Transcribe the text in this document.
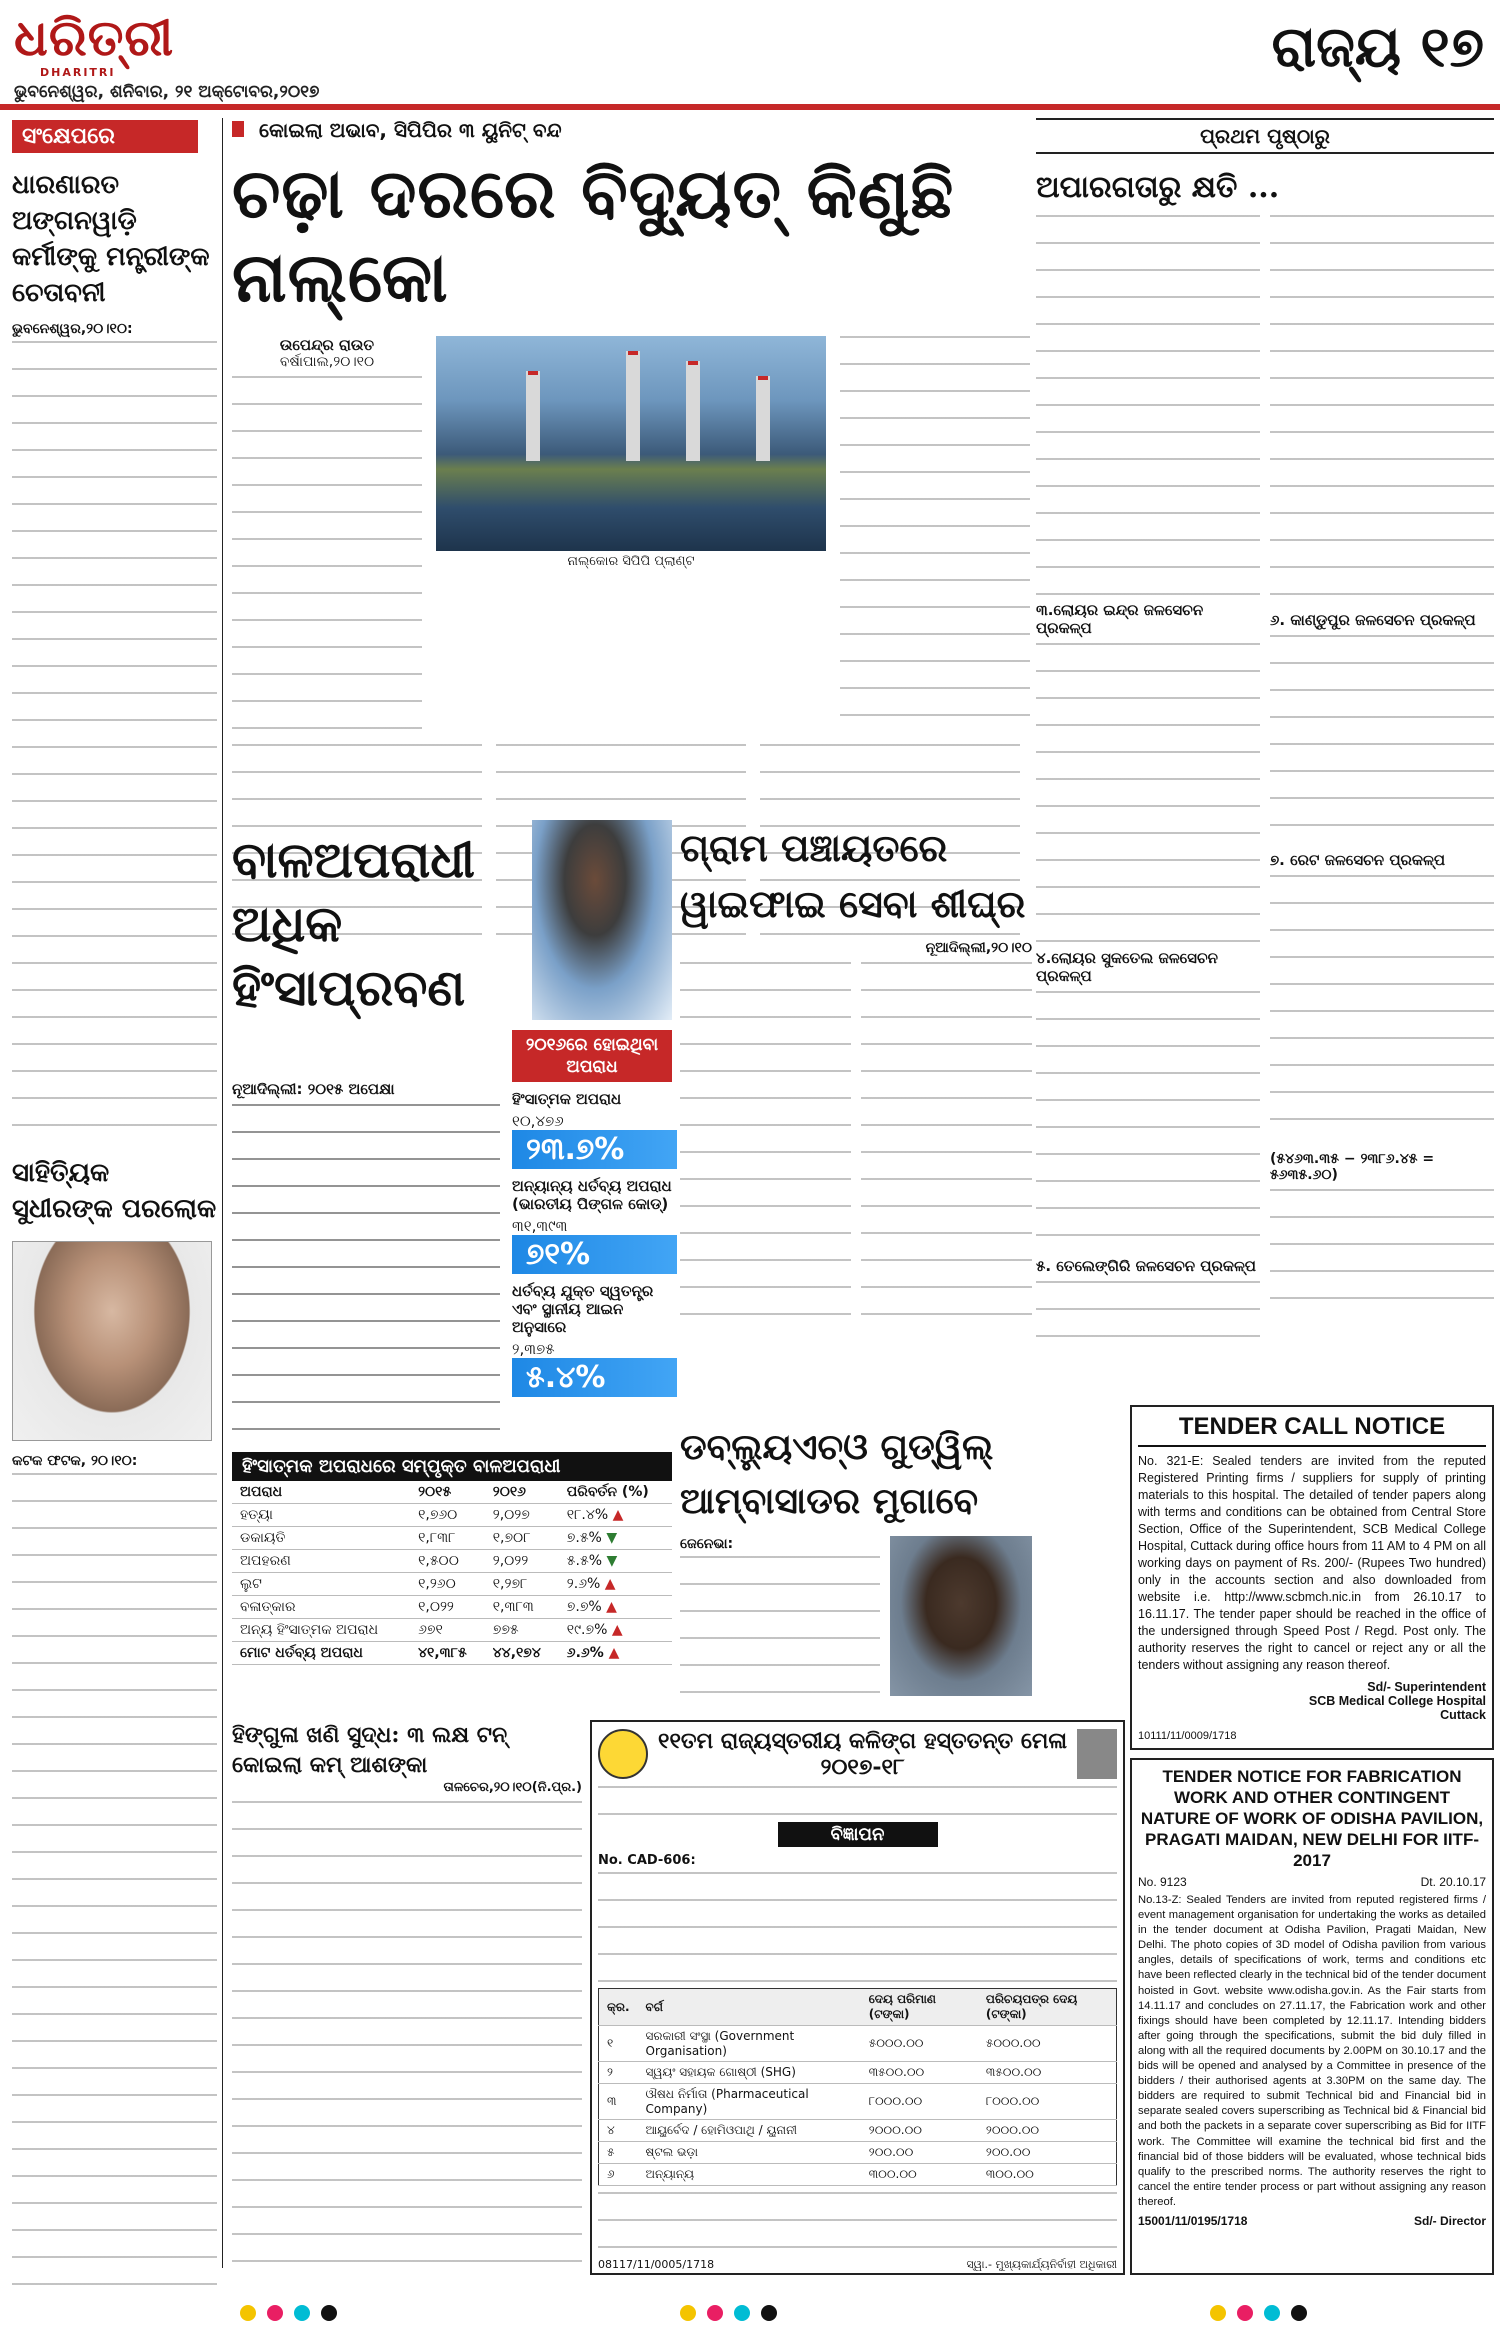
ଧରିତ୍ରୀ
DHARITRI
ଭୁବନେଶ୍ୱର, ଶନିବାର, ୨୧ ଅକ୍ଟୋବର,୨୦୧୭
ରାଜ୍ୟ ୧୭
ସଂକ୍ଷେପରେ
ଧାରଣାରତ ଅଙ୍ଗନୱାଡ଼ି କର୍ମୀଙ୍କୁ ମନ୍ତ୍ରୀଙ୍କ ଚେତାବନୀ
ଭୁବନେଶ୍ୱର,୨୦।୧୦:
ସାହିତ୍ୟିକ ସୁଧୀରଙ୍କ ପରଲୋକ
କଟକ ଫଟକ, ୨୦।୧୦:
କୋଇଲା ଅଭାବ, ସିପିପିର ୩ ୟୁନିଟ୍ ବନ୍ଦ
ଚଢ଼ା ଦରରେ ବିଦ୍ୟୁତ୍ କିଣୁଛି ନାଲ୍କୋ
ଉପେନ୍ଦ୍ର ରାଉତ
ବର୍ଷାପାଲ,୨୦।୧୦
ନାଲ୍କୋର ସିପିପି ପ୍ଲାଣ୍ଟ
ପ୍ରଥମ ପୃଷ୍ଠାରୁ
ଅପାରଗତାରୁ କ୍ଷତି ...
୩.ଲୋୟର ଇନ୍ଦ୍ର ଜଳସେଚନ ପ୍ରକଳ୍ପ
୪.ଲୋୟର ସୁକତେଲ ଜଳସେଚନ ପ୍ରକଳ୍ପ
୫. ତେଲେଙ୍ଗିରି ଜଳସେଚନ ପ୍ରକଳ୍ପ
୬. କାଣ୍ଡୁପୁର ଜଳସେଚନ ପ୍ରକଳ୍ପ
୭. ରେଟ ଜଳସେଚନ ପ୍ରକଳ୍ପ
(୫୪୬୩.୩୫ − ୨୩୮୬.୪୫ = ୫୬୩୫.୬୦)
ବାଳଅପରାଧୀ ଅଧିକ ହିଂସାପ୍ରବଣ
୨୦୧୬ରେ ହୋଇଥିବା ଅପରାଧ
ନୂଆଦିଲ୍ଲୀ: ୨୦୧୫ ଅପେକ୍ଷା
ହିଂସାତ୍ମକ ଅପରାଧ
୧୦,୪୭୬
୨୩.୭%
ଅନ୍ୟାନ୍ୟ ଧର୍ତବ୍ୟ ଅପରାଧ (ଭାରତୀୟ ପିଙ୍ଗଳ କୋଡ୍)
୩୧,୩୯୩
୭୧%
ଧର୍ତବ୍ୟ ଯୁକ୍ତ ସ୍ୱତନ୍ତ୍ର ଏବଂ ସ୍ଥାନୀୟ ଆଇନ ଅନୁସାରେ
୨,୩୭୫
୫.୪%
ହିଂସାତ୍ମକ ଅପରାଧରେ ସମ୍ପୃକ୍ତ ବାଳଅପରାଧୀ
ଅପରାଧ	୨୦୧୫	୨୦୧୬	ପରିବର୍ତନ (%)
ହତ୍ୟା	୧,୭୬୦	୨,୦୨୭	୧୮.୪% ▲
ଡକାୟତି	୧,୮୩୮	୧,୭୦୮	୭.୫% ▼
ଅପହରଣ	୧,୫୦୦	୨,୦୨୨	୫.୫% ▼
ଲୁଟ	୧,୨୬୦	୧,୨୭୮	୨.୬% ▲
ବଳାତ୍କାର	୧,୦୨୨	୧,୩୮୩	୭.୭% ▲
ଅନ୍ୟ ହିଂସାତ୍ମକ ଅପରାଧ	୬୭୧	୭୭୫	୧୯.୭% ▲
ମୋଟ ଧର୍ତବ୍ୟ ଅପରାଧ	୪୧,୩୮୫	୪୪,୧୭୪	୬.୬% ▲
ଗ୍ରାମ ପଞ୍ଚାୟତରେ ୱାଇଫାଇ ସେବା ଶୀଘ୍ର
ନୂଆଦିଲ୍ଲୀ,୨୦।୧୦
ଡବ୍ଲ୍ୟୁଏଚ୍ଓ ଗୁଡ୍‌ୱିଲ୍ ଆମ୍ବାସାଡର ମୁଗାବେ
ଜେନେଭା:
ହିଙ୍ଗୁଳା ଖଣି ସୁଦ୍ଧ: ୩ ଲକ୍ଷ ଟନ୍ କୋଇଲା କମ୍ ଆଶଙ୍କା
ତାଳଚେର,୨୦।୧୦(ନି.ପ୍ର.)
୧୧ତମ ରାଜ୍ୟସ୍ତରୀୟ କଳିଙ୍ଗ ହସ୍ତତନ୍ତ ମେଳା ୨୦୧୭-୧୮
ବିଜ୍ଞାପନ
No. CAD-606:
କ୍ର.	ବର୍ଗ	ଦେୟ ପରିମାଣ (ଟଙ୍କା)	ପରିଚୟପତ୍ର ଦେୟ (ଟଙ୍କା)
୧	ସରକାରୀ ସଂସ୍ଥା (Government Organisation)	୫୦୦୦.୦୦	୫୦୦୦.୦୦
୨	ସ୍ୱୟଂ ସହାୟକ ଗୋଷ୍ଠୀ (SHG)	୩୫୦୦.୦୦	୩୫୦୦.୦୦
୩	ଔଷଧ ନିର୍ମାତା (Pharmaceutical Company)	୮୦୦୦.୦୦	୮୦୦୦.୦୦
୪	ଆୟୁର୍ବେଦ / ହୋମିଓପାଥି / ୟୁନାନୀ	୨୦୦୦.୦୦	୨୦୦୦.୦୦
୫	ଷ୍ଟଲ ଭଡ଼ା	୨୦୦.୦୦	୨୦୦.୦୦
୬	ଅନ୍ୟାନ୍ୟ	୩୦୦.୦୦	୩୦୦.୦୦
08117/11/0005/1718	ସ୍ୱା.- ମୁଖ୍ୟକାର୍ଯ୍ୟନିର୍ବାହୀ ଅଧିକାରୀ
TENDER CALL NOTICE
No. 321-E: Sealed tenders are invited from the reputed Registered Printing firms / suppliers for supply of printing materials to this hospital. The detailed of tender papers along with terms and conditions can be obtained from Central Store Section, Office of the Superintendent, SCB Medical College Hospital, Cuttack during office hours from 11 AM to 4 PM on all working days on payment of Rs. 200/- (Rupees Two hundred) only in the accounts section and also downloaded from website i.e. http://www.scbmch.nic.in from 26.10.17 to 16.11.17. The tender paper should be reached in the office of the undersigned through Speed Post / Regd. Post only. The authority reserves the right to cancel or reject any or all the tenders without assigning any reason thereof.
Sd/- Superintendent
SCB Medical College Hospital
Cuttack
10111/11/0009/1718
TENDER NOTICE FOR FABRICATION WORK AND OTHER CONTINGENT NATURE OF WORK OF ODISHA PAVILION, PRAGATI MAIDAN, NEW DELHI FOR IITF-2017
No. 9123	Dt. 20.10.17
No.13-Z: Sealed Tenders are invited from reputed registered firms / event management organisation for undertaking the works as detailed in the tender document at Odisha Pavilion, Pragati Maidan, New Delhi. The photo copies of 3D model of Odisha pavilion from various angles, details of specifications of work, terms and conditions etc have been reflected clearly in the technical bid of the tender document hoisted in Govt. website www.odisha.gov.in. As the Fair starts from 14.11.17 and concludes on 27.11.17, the Fabrication work and other fixings should have been completed by 12.11.17. Intending bidders after going through the specifications, submit the bid duly filled in along with all the required documents by 2.00PM on 30.10.17 and the bids will be opened and analysed by a Committee in presence of the bidders / their authorised agents at 3.30PM on the same day. The bidders are required to submit Technical bid and Financial bid in separate sealed covers superscribing as Technical bid & Financial bid and both the packets in a separate cover superscribing as Bid for IITF work. The Committee will examine the technical bid first and the financial bid of those bidders will be evaluated, whose technical bids qualify to the prescribed norms. The authority reserves the right to cancel the entire tender process or part without assigning any reason thereof.
15001/11/0195/1718	Sd/- Director
